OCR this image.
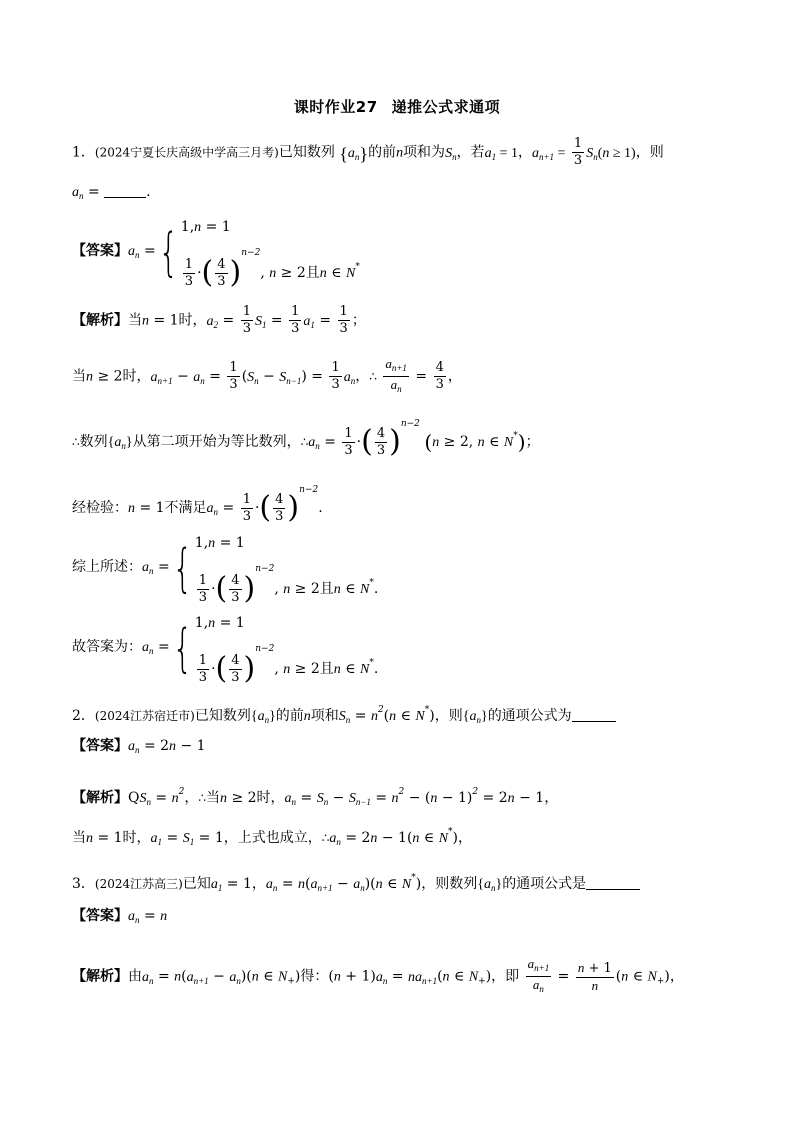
课时作业27 递推公式求通项
1．(2024宁夏长庆高级中学高三月考)已知数列 $\{a_n\}$的前n项和为$S_n$，若$a_1 = 1$，$a_{n+1} = \frac{1}{3} S_n(n \ge 1)$，则
$a_n$ =	.
【答案】$a_n$ ={ 1,n = 1
$\frac{1}{3}$ ·( $\frac{4}{3} )^{n-2}$, n ≥ 2且n ∈ N*
【解析】当n = 1时，$a_2 = \frac{1}{3} S_1 = \frac{1}{3} a_1 = \frac{1}{3}$ ；
当n ≥ 2时，$a_{n+1} - a_n = \frac{1}{3} (S_n - S_{n-1}) = \frac{1}{3} a_n$，∴ $\frac{a_{n+1}}{a_n} = \frac{4}{3}$ ，
∴数列$\{a_n\}$从第二项开始为等比数列，$\therefore a_n = \frac{1}{3}$ ·( $\frac{4}{3} )^{n-2}$ (n ≥ 2, n ∈ N*)；
经检验：n = 1不满足$a_n = \frac{1}{3}$ ·( $\frac{4}{3} )^{n-2}$.
综上所述：$a_n$ ={ 1,n = 1
$\frac{1}{3}$ ·( $\frac{4}{3} )^{n-2}$, n ≥ 2且n ∈ N*.
故答案为：$a_n$ ={ 1,n = 1
$\frac{1}{3}$ ·( $\frac{4}{3} )^{n-2}$, n ≥ 2且n ∈ N*.
2．(2024江苏宿迁市)已知数列$\{a_n\}$的前n项和$S_n = n^2(n$ ∈ N*)，则$\{a_n\}$的通项公式为
【答案】$a_n = 2n - 1$
【解析】$QS_n = n^2$，∴当n ≥ 2时，$a_n = S_n - S_{n-1} = n^2 - (n - 1)^2 = 2n - 1$，
当n = 1时，$a_1 = S_1 = 1$，上式也成立，$\therefore a_n = 2n - 1(n$ ∈ N*)，
3．(2024江苏高三)已知$a_1 = 1$，$a_n = n(a_{n+1} - a_n)(n$ ∈ N*)，则数列$\{a_n\}$的通项公式是
【答案】$a_n = n$
【解析】由$a_n = n(a_{n+1} - a_n)(n$ ∈ $N_+$)得：$(n + 1)a_n = na_{n+1}(n$ ∈ $N_+$)，即 $\frac{a_{n+1}}{a_n} = \frac{n + 1}{n} (n$ ∈ $N_+$)，
